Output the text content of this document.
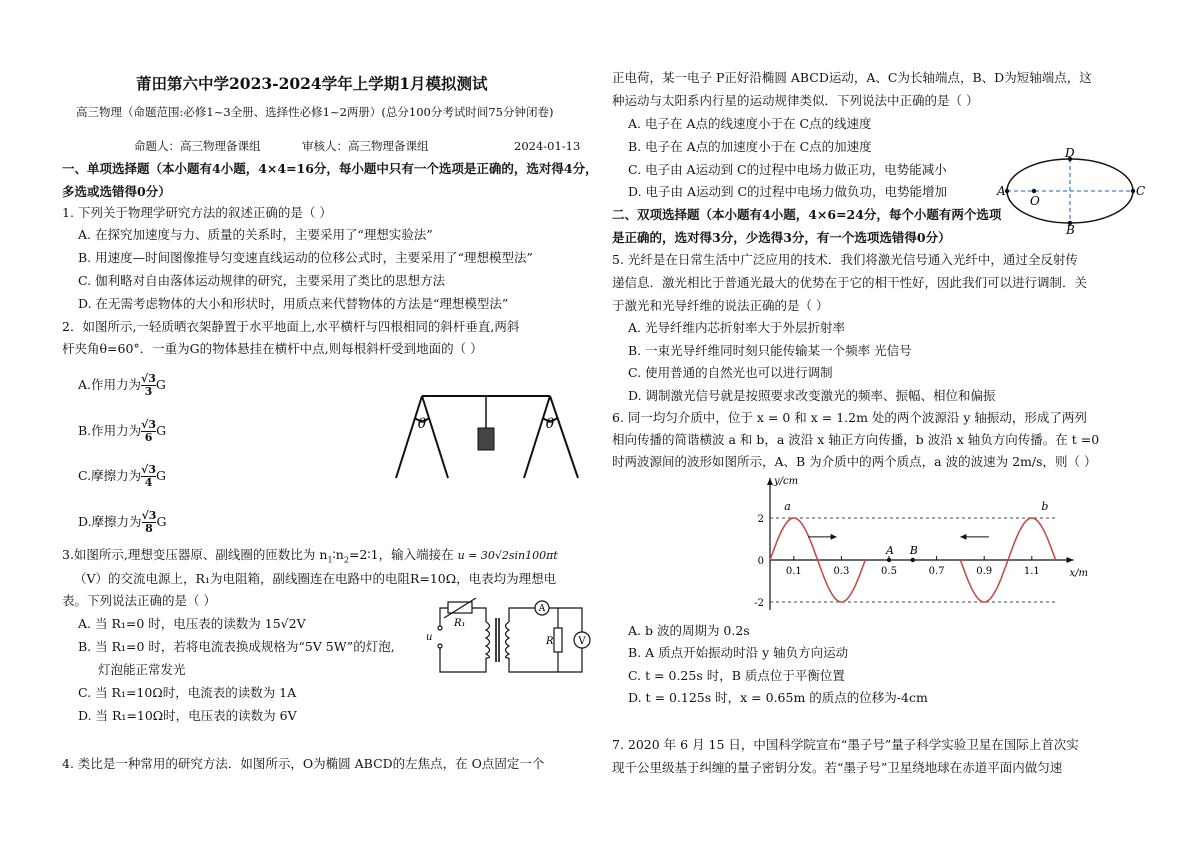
莆田第六中学2023-2024学年上学期1月模拟测试
高三物理（命题范围:必修1~3全册、选择性必修1~2两册）(总分100分考试时间75分钟闭卷)
命题人：高三物理备课组	审核人：高三物理备课组	2024-01-13
一、单项选择题（本小题有4小题，4×4=16分，每小题中只有一个选项是正确的，选对得4分，
多选或选错得0分）
1. 下列关于物理学研究方法的叙述正确的是（ ）
A. 在探究加速度与力、质量的关系时，主要采用了“理想实验法”
B. 用速度—时间图像推导匀变速直线运动的位移公式时，主要采用了“理想模型法”
C. 伽利略对自由落体运动规律的研究，主要采用了类比的思想方法
D. 在无需考虑物体的大小和形状时，用质点来代替物体的方法是“理想模型法”
2．如图所示,一轻质晒衣架静置于水平地面上,水平横杆与四根相同的斜杆垂直,两斜
杆夹角θ=60°．一重为G的物体悬挂在横杆中点,则每根斜杆受到地面的（ ）
A.作用力为 $\frac{√3}{3}$ G
B.作用力为 $\frac{√3}{6}$ G
C.摩擦力为 $\frac{√3}{4}$ G
D.摩擦力为 $\frac{√3}{8}$ G
θ	θ
3.如图所示,理想变压器原、副线圈的匝数比为 $n_1∶n_2=2∶1$，输入端接在 u = 30√2sin100πt
（V）的交流电源上，R₁为电阻箱，副线圈连在电路中的电阻R=10Ω，电表均为理想电
表。下列说法正确的是（ ）
A. 当 R₁=0 时，电压表的读数为 15√2V
B. 当 R₁=0 时，若将电流表换成规格为“5V 5W”的灯泡,
灯泡能正常发光
C. 当 R₁=10Ω时，电流表的读数为 1A
D. 当 R₁=10Ω时，电压表的读数为 6V
R₁
u
A
R V
4. 类比是一种常用的研究方法．如图所示，O为椭圆 ABCD的左焦点，在 O点固定一个
正电荷，某一电子 P正好沿椭圆 ABCD运动，A、C为长轴端点，B、D为短轴端点，这
种运动与太阳系内行星的运动规律类似．下列说法中正确的是（ ）
A. 电子在 A点的线速度小于在 C点的线速度
B. 电子在 A点的加速度小于在 C点的加速度
C. 电子由 A运动到 C的过程中电场力做正功，电势能减小
D. 电子由 A运动到 C的过程中电场力做负功，电势能增加	A
B
C
D
O
二、双项选择题（本小题有4小题，4×6=24分，每个小题有两个选项
是正确的，选对得3分，少选得3分，有一个选项选错得0分）
5. 光纤是在日常生活中广泛应用的技术．我们将激光信号通入光纤中，通过全反射传
递信息．激光相比于普通光最大的优势在于它的相干性好，因此我们可以进行调制．关
于激光和光导纤维的说法正确的是（ ）
A. 光导纤维内芯折射率大于外层折射率
B. 一束光导纤维同时刻只能传输某一个频率 光信号
C. 使用普通的自然光也可以进行调制
D. 调制激光信号就是按照要求改变激光的频率、振幅、相位和偏振
6. 同一均匀介质中，位于 x = 0 和 x = 1.2m 处的两个波源沿 y 轴振动，形成了两列
相向传播的简谐横波 a 和 b，a 波沿 x 轴正方向传播，b 波沿 x 轴负方向传播。在 t =0
时两波源间的波形如图所示，A、B 为介质中的两个质点，a 波的波速为 2m/s，则（ ）
y/cm
x/m
2
0
-2
0.1	0.3	0.5	0.7	0.9	1.1
a	b
A B
A. b 波的周期为 0.2s
B. A 质点开始振动时沿 y 轴负方向运动
C. t = 0.25s 时，B 质点位于平衡位置
D. t = 0.125s 时，x = 0.65m 的质点的位移为-4cm
7. 2020 年 6 月 15 日，中国科学院宣布“墨子号”量子科学实验卫星在国际上首次实
现千公里级基于纠缠的量子密钥分发。若“墨子号”卫星绕地球在赤道平面内做匀速
